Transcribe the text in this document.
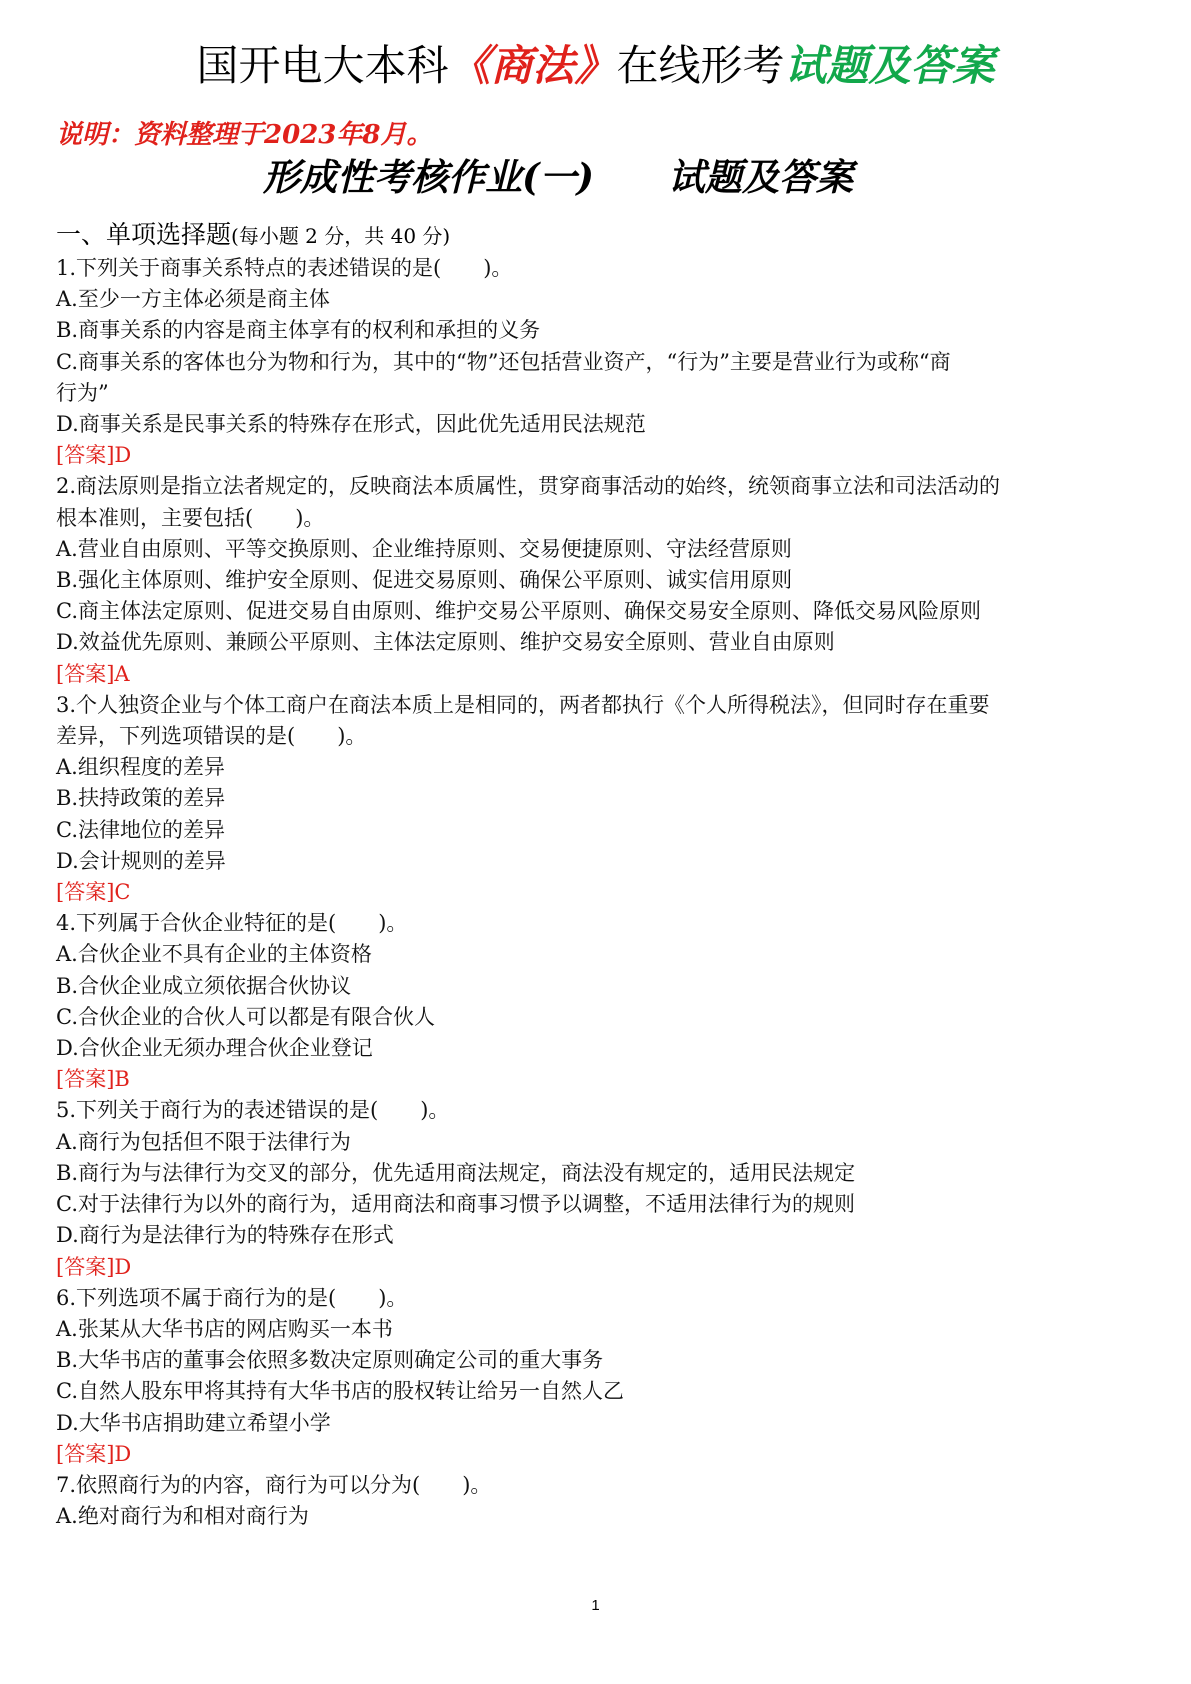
国开电大本科《商法》在线形考试题及答案
说明：资料整理于2023年8月。
形成性考核作业(一) 试题及答案
一、单项选择题(每小题 2 分，共 40 分)

1.下列关于商事关系特点的表述错误的是(　　)。

A.至少一方主体必须是商主体

B.商事关系的内容是商主体享有的权利和承担的义务

C.商事关系的客体也分为物和行为，其中的“物”还包括营业资产，“行为”主要是营业行为或称“商

行为”

D.商事关系是民事关系的特殊存在形式，因此优先适用民法规范

[答案]D

2.商法原则是指立法者规定的，反映商法本质属性，贯穿商事活动的始终，统领商事立法和司法活动的

根本准则，主要包括(　　)。

A.营业自由原则、平等交换原则、企业维持原则、交易便捷原则、守法经营原则

B.强化主体原则、维护安全原则、促进交易原则、确保公平原则、诚实信用原则

C.商主体法定原则、促进交易自由原则、维护交易公平原则、确保交易安全原则、降低交易风险原则

D.效益优先原则、兼顾公平原则、主体法定原则、维护交易安全原则、营业自由原则

[答案]A

3.个人独资企业与个体工商户在商法本质上是相同的，两者都执行《个人所得税法》，但同时存在重要

差异，下列选项错误的是(　　)。

A.组织程度的差异

B.扶持政策的差异

C.法律地位的差异

D.会计规则的差异

[答案]C

4.下列属于合伙企业特征的是(　　)。

A.合伙企业不具有企业的主体资格

B.合伙企业成立须依据合伙协议

C.合伙企业的合伙人可以都是有限合伙人

D.合伙企业无须办理合伙企业登记

[答案]B

5.下列关于商行为的表述错误的是(　　)。

A.商行为包括但不限于法律行为

B.商行为与法律行为交叉的部分，优先适用商法规定，商法没有规定的，适用民法规定

C.对于法律行为以外的商行为，适用商法和商事习惯予以调整，不适用法律行为的规则

D.商行为是法律行为的特殊存在形式

[答案]D

6.下列选项不属于商行为的是(　　)。

A.张某从大华书店的网店购买一本书

B.大华书店的董事会依照多数决定原则确定公司的重大事务

C.自然人股东甲将其持有大华书店的股权转让给另一自然人乙

D.大华书店捐助建立希望小学

[答案]D

7.依照商行为的内容，商行为可以分为(　　)。

A.绝对商行为和相对商行为

1
